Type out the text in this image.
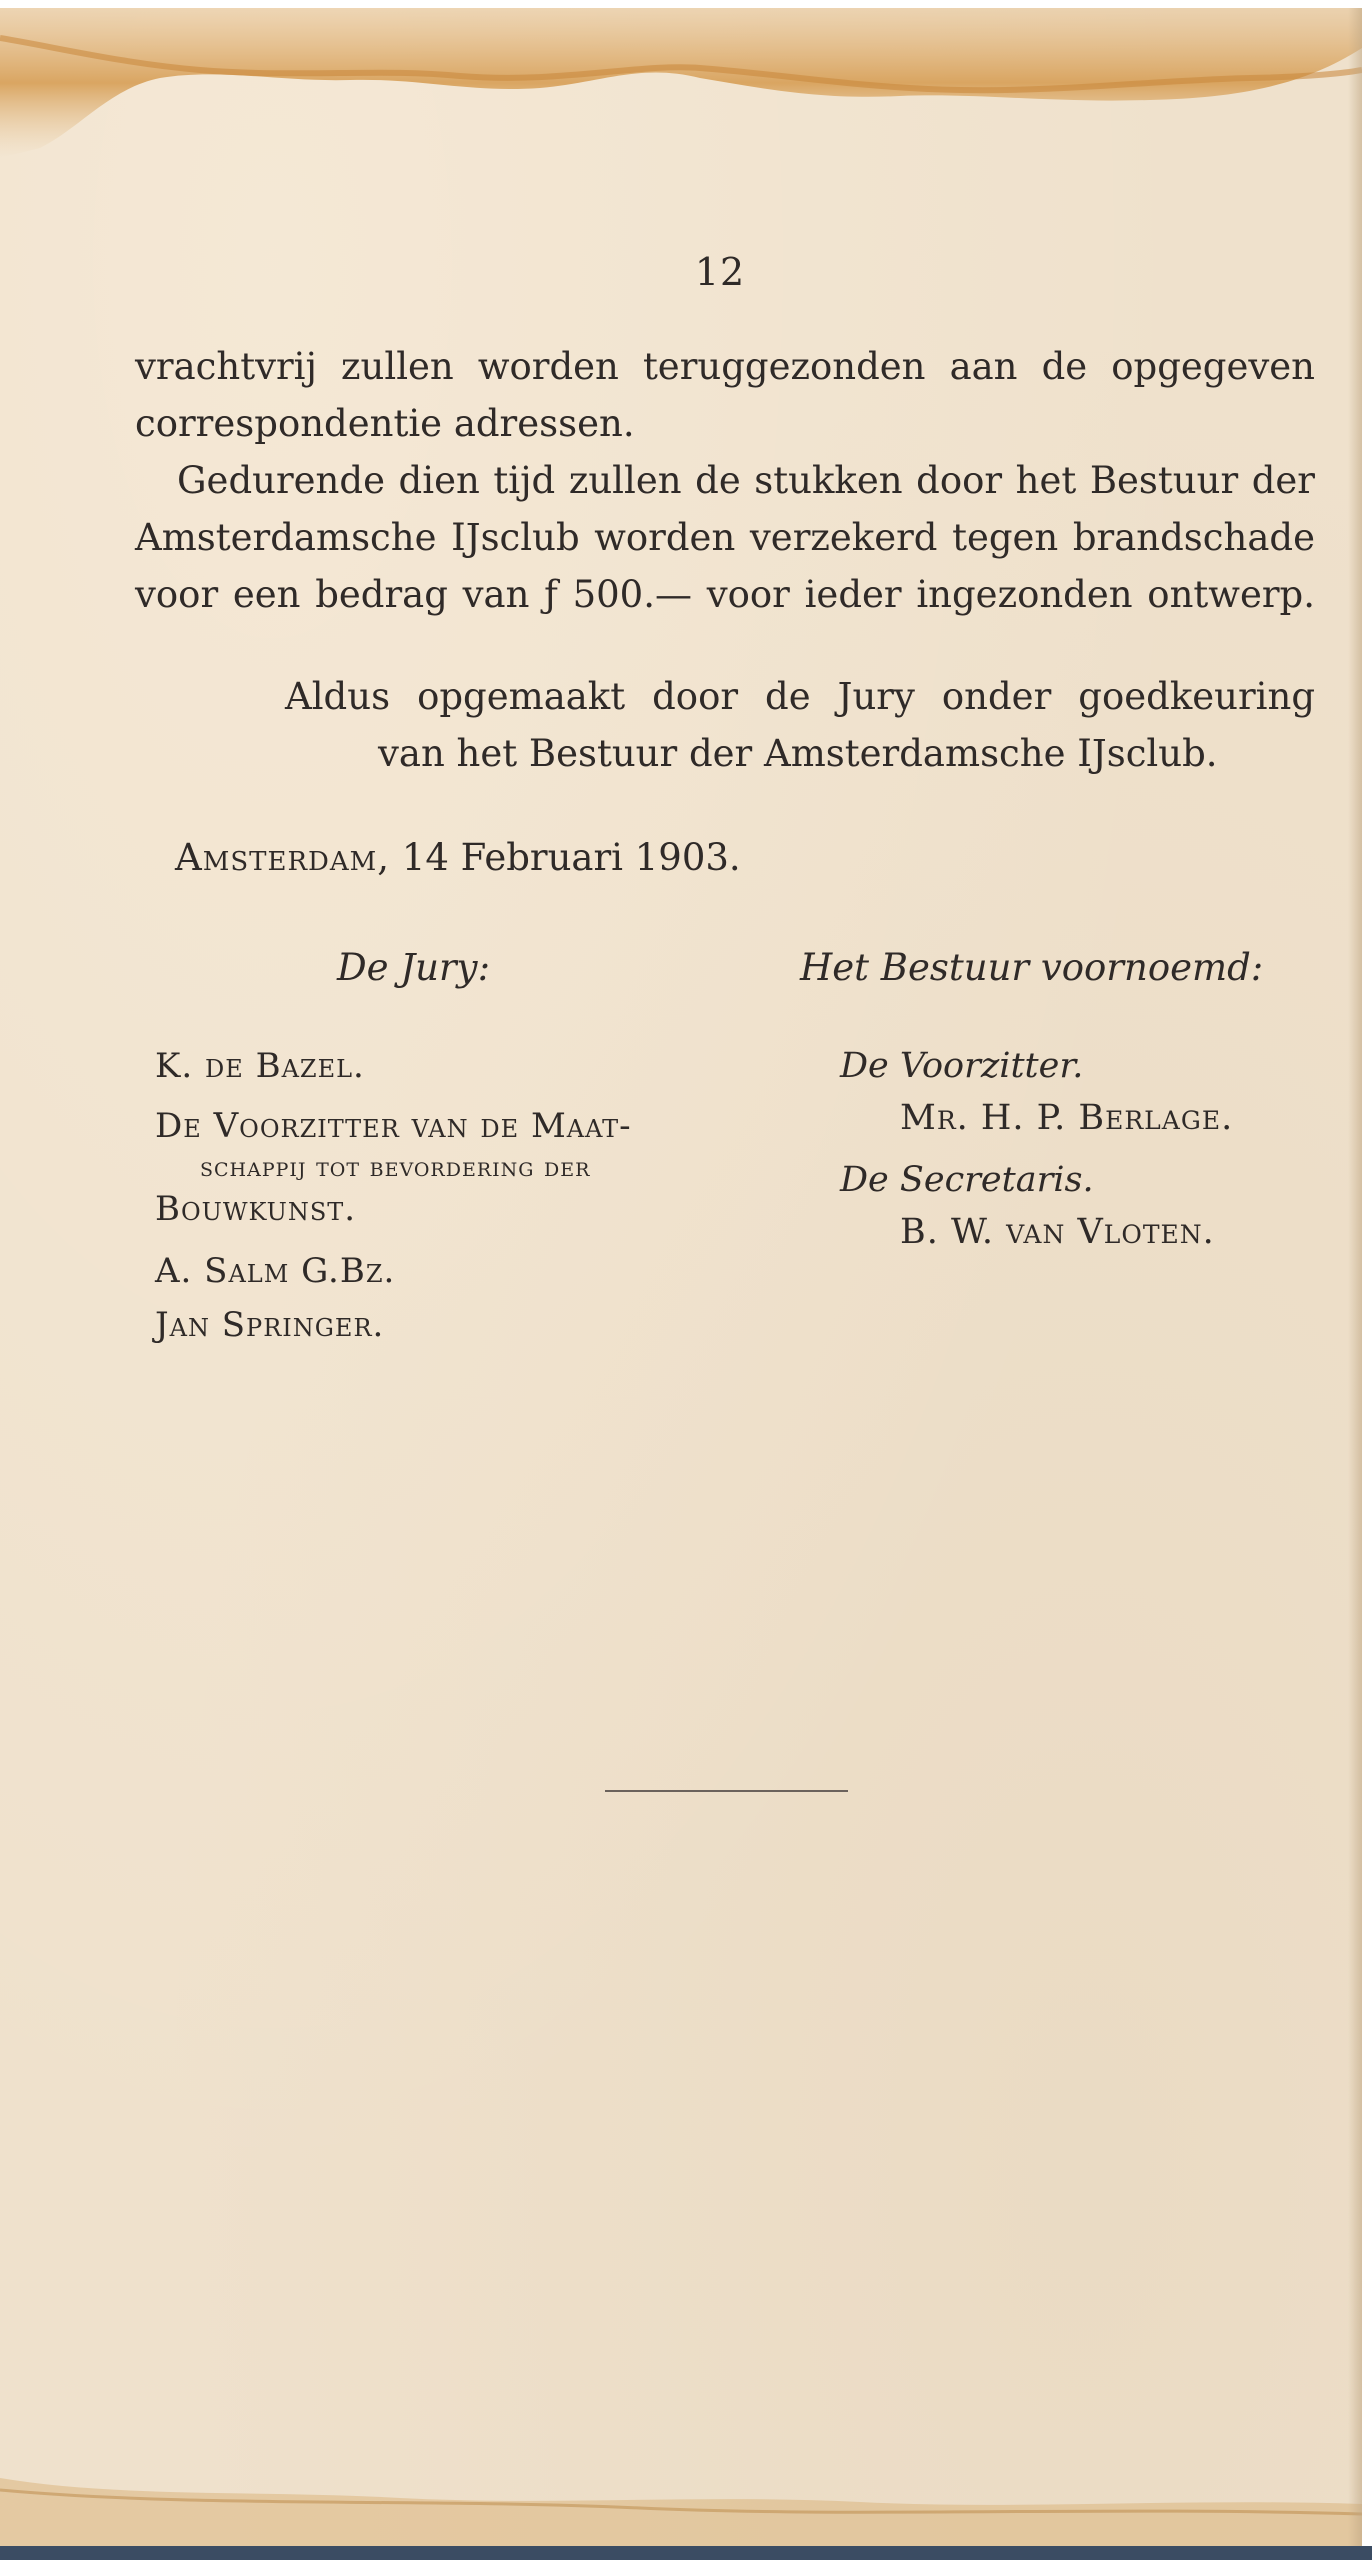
12

vrachtvrij zullen worden teruggezonden aan de opgegeven
correspondentie adressen.

Gedurende dien tijd zullen de stukken door het Bestuur der
Amsterdamsche IJsclub worden verzekerd tegen brandschade
voor een bedrag van ƒ 500.— voor ieder ingezonden ontwerp.

Aldus opgemaakt door de Jury onder goedkeuring
van het Bestuur der Amsterdamsche IJsclub.
Amsterdam, 14 Februari 1903.
De Jury:	Het Bestuur voornoemd:
K. de Bazel.
De Voorzitter van de Maat-
schappij tot bevordering der
Bouwkunst.
A. Salm G.Bz.
Jan Springer.
De Voorzitter.
Mr. H. P. Berlage.
De Secretaris.
B. W. van Vloten.
